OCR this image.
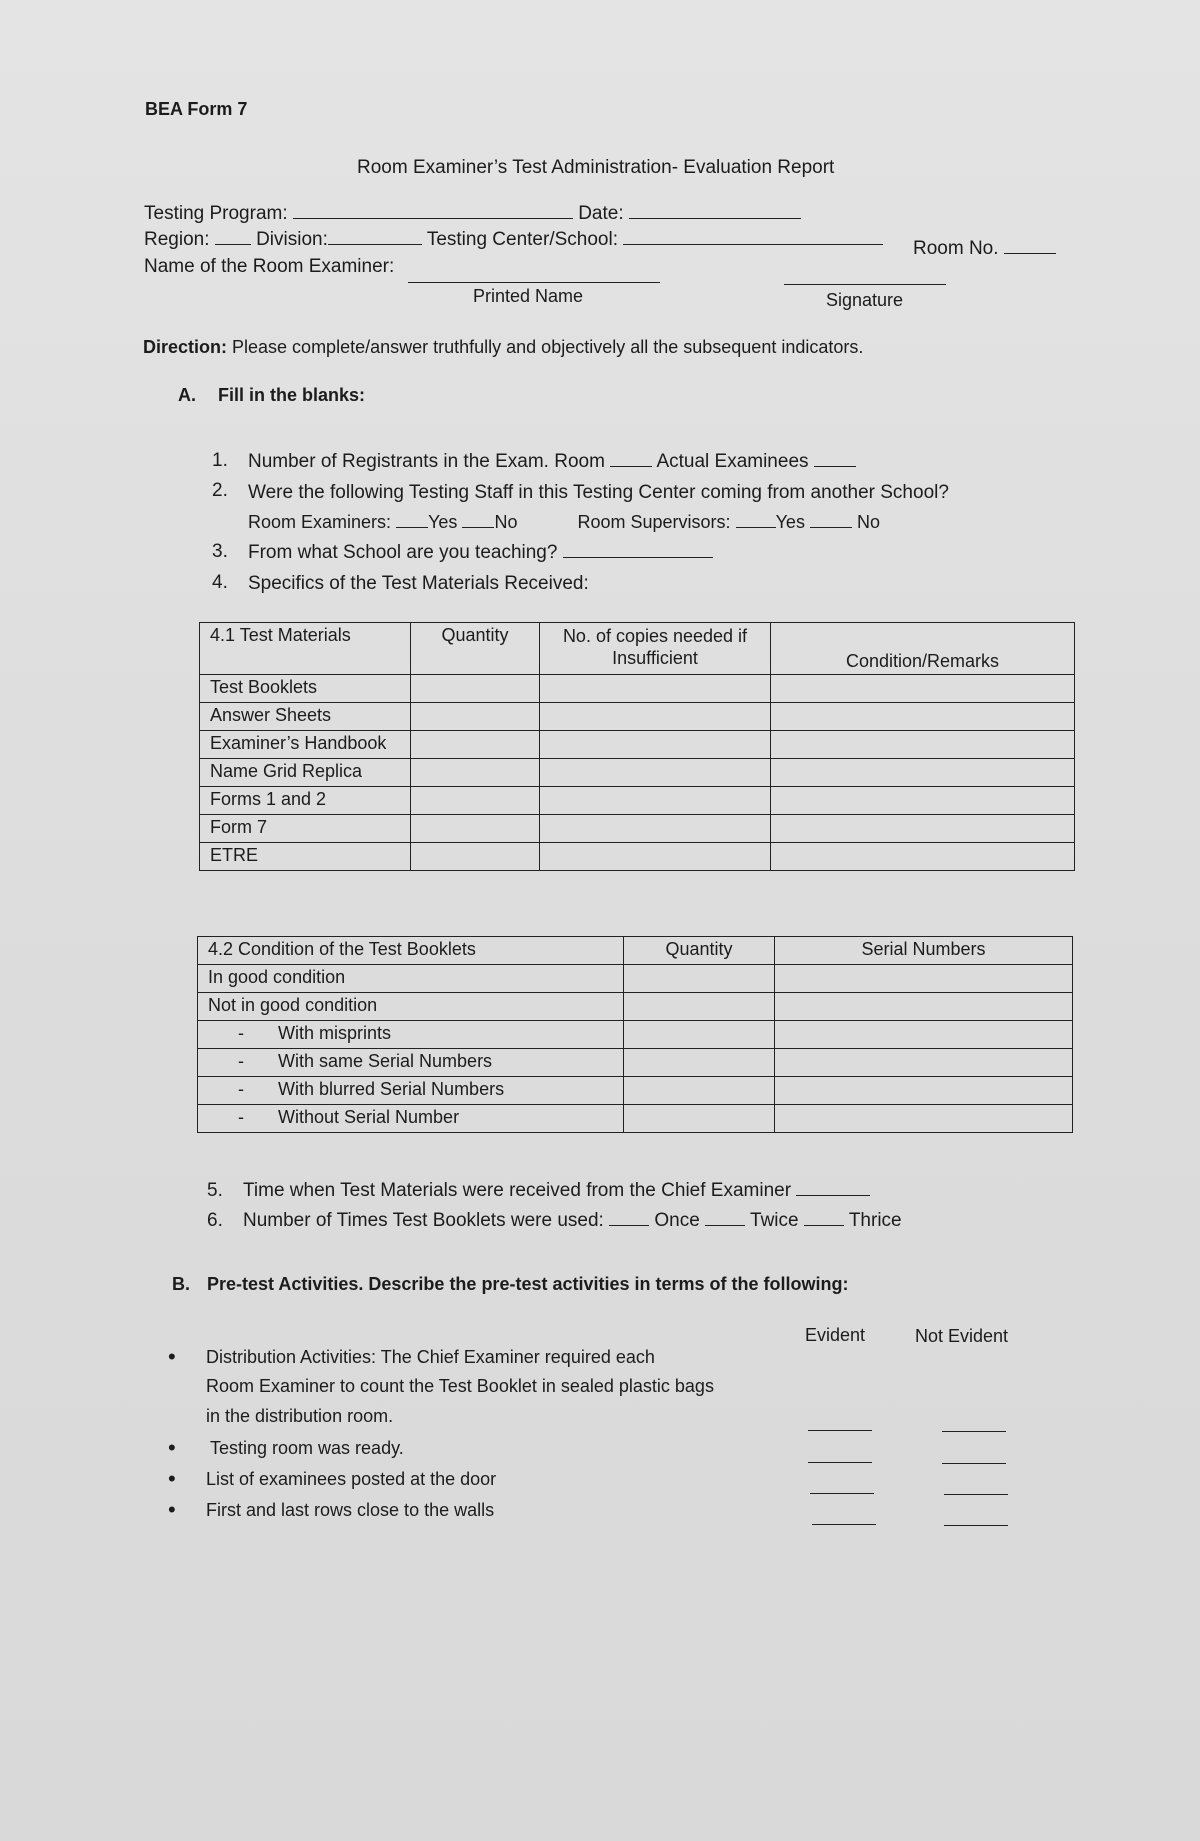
BEA Form 7
Room Examiner’s Test Administration- Evaluation Report
Testing Program:	Date:
Region: Division:	Testing Center/School:	Room No.
Name of the Room Examiner:
Printed Name	Signature
Direction: Please complete/answer truthfully and objectively all the subsequent indicators.
A. Fill in the blanks:
1. Number of Registrants in the Exam. Room	Actual Examinees
2. Were the following Testing Staff in this Testing Center coming from another School?
Room Examiners: Yes No	Room Supervisors:	Yes	No
3. From what School are you teaching?
4. Specifics of the Test Materials Received:
4.1 Test Materials	Quantity	No. of copies needed if Insufficient	Condition/Remarks
Test Booklets			
Answer Sheets			
Examiner’s Handbook			
Name Grid Replica			
Forms 1 and 2			
Form 7			
ETRE			
4.2 Condition of the Test Booklets	Quantity	Serial Numbers
In good condition		
Not in good condition		
- With misprints		
- With same Serial Numbers		
- With blurred Serial Numbers		
- Without Serial Number		
5. Time when Test Materials were received from the Chief Examiner
6. Number of Times Test Booklets were used:	Once	Twice	Thrice
B. Pre-test Activities. Describe the pre-test activities in terms of the following:
Evident	Not Evident
• Distribution Activities: The Chief Examiner required each
Room Examiner to count the Test Booklet in sealed plastic bags
in the distribution room.
• Testing room was ready.
• List of examinees posted at the door
• First and last rows close to the walls
